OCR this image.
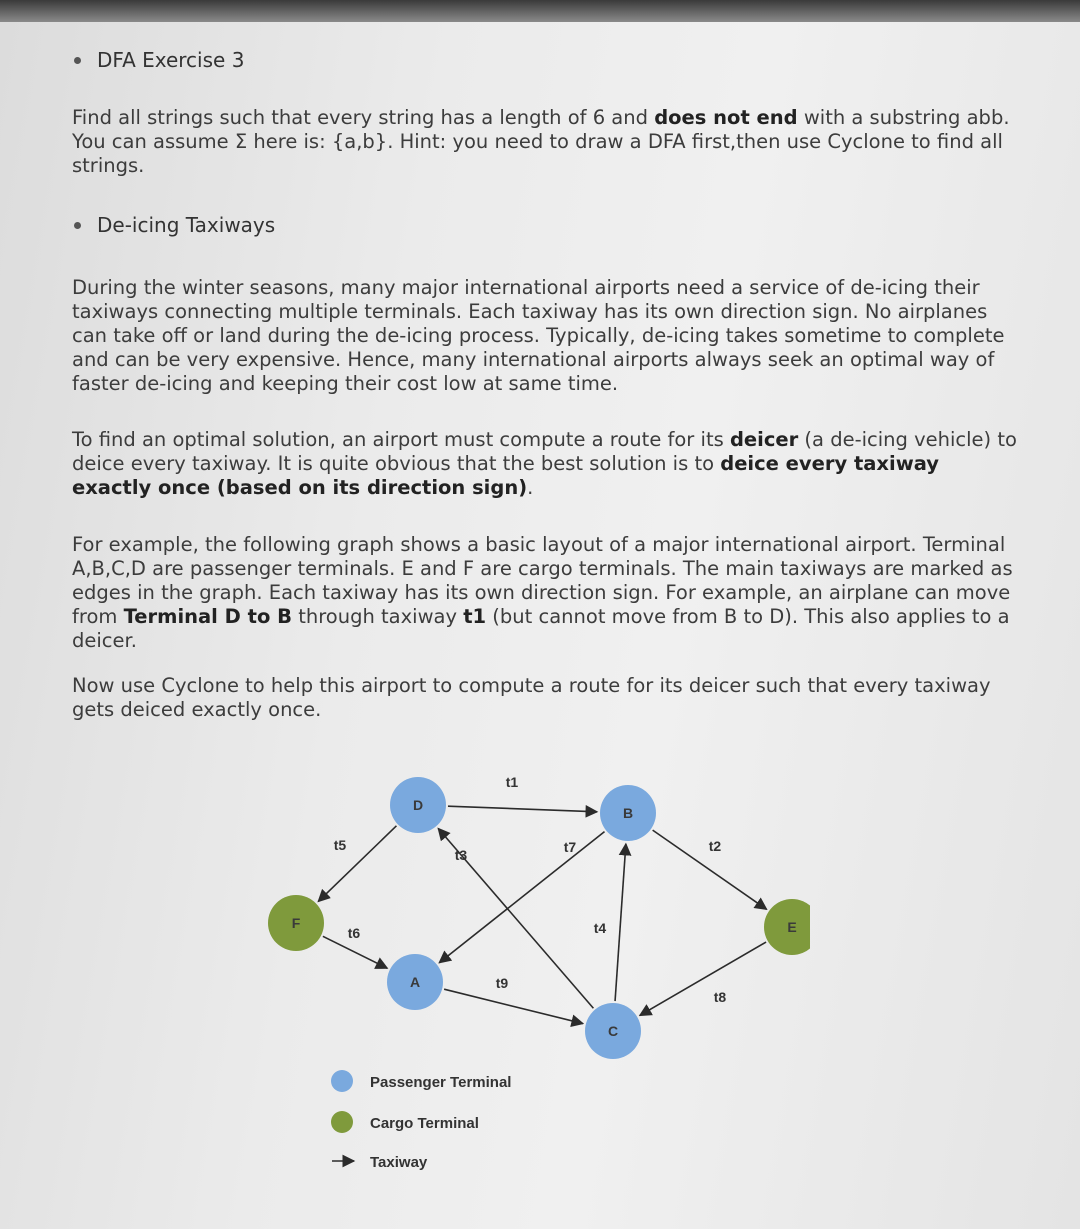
DFA Exercise 3
Find all strings such that every string has a length of 6 and does not end with a substring abb. You can assume Σ here is: {a,b}. Hint: you need to draw a DFA first,then use Cyclone to find all strings.
De-icing Taxiways
During the winter seasons, many major international airports need a service of de-icing their taxiways connecting multiple terminals. Each taxiway has its own direction sign. No airplanes can take off or land during the de-icing process. Typically, de-icing takes sometime to complete and can be very expensive. Hence, many international airports always seek an optimal way of faster de-icing and keeping their cost low at same time.
To find an optimal solution, an airport must compute a route for its deicer (a de-icing vehicle) to deice every taxiway. It is quite obvious that the best solution is to deice every taxiway exactly once (based on its direction sign).
For example, the following graph shows a basic layout of a major international airport. Terminal A,B,C,D are passenger terminals. E and F are cargo terminals. The main taxiways are marked as edges in the graph. Each taxiway has its own direction sign. For example, an airplane can move from Terminal D to B through taxiway t1 (but cannot move from B to D). This also applies to a deicer.
Now use Cyclone to help this airport to compute a route for its deicer such that every taxiway gets deiced exactly once.
D	B
F	E
A
C
t1
t2
t3
t4
t5
t6
t7
t8
t9
Passenger Terminal
Cargo Terminal
Taxiway
